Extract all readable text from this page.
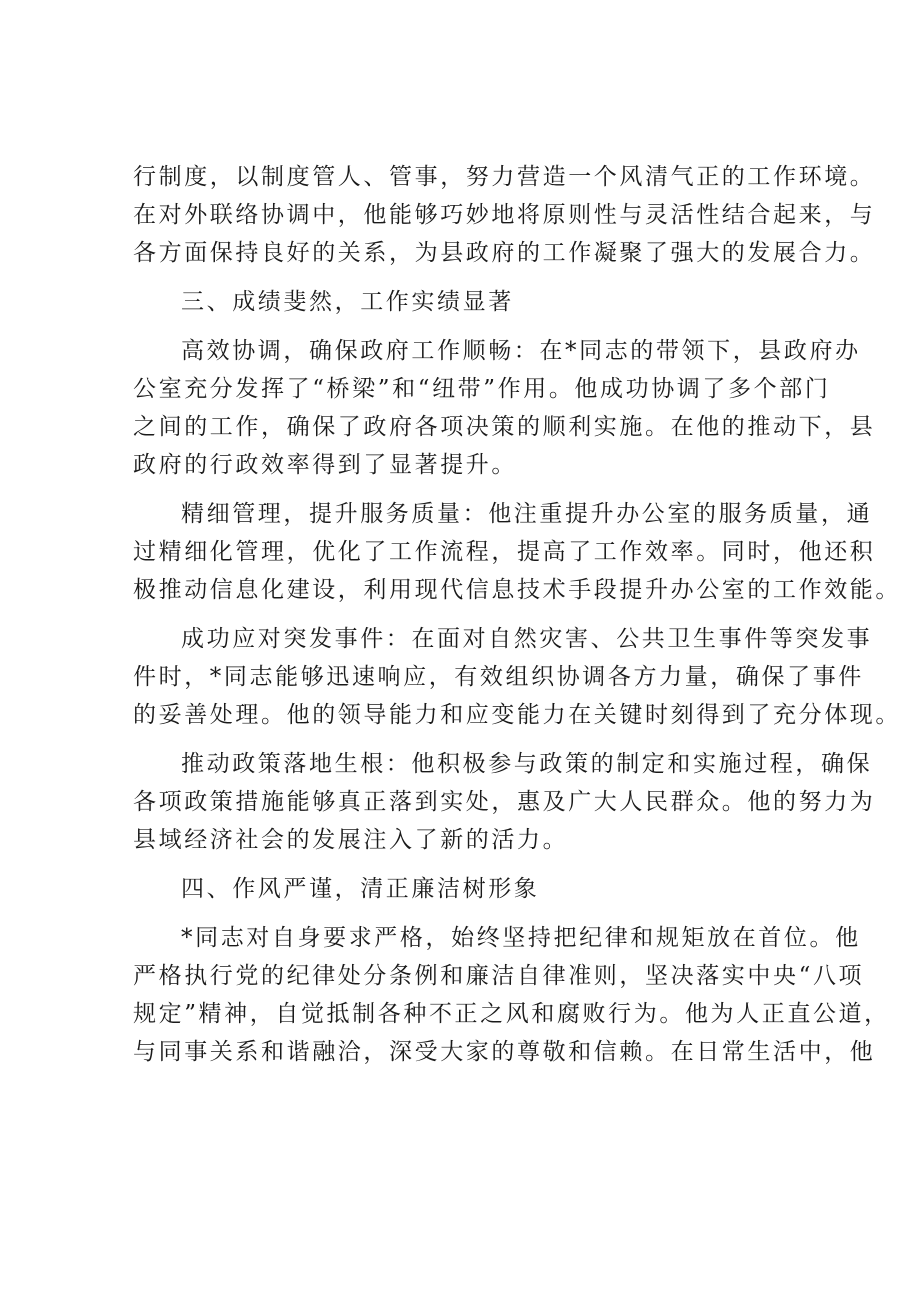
行制度，以制度管人、管事，努力营造一个风清气正的工作环境。
在对外联络协调中，他能够巧妙地将原则性与灵活性结合起来，与
各方面保持良好的关系，为县政府的工作凝聚了强大的发展合力。

三、成绩斐然，工作实绩显著

高效协调，确保政府工作顺畅：在*同志的带领下，县政府办
公室充分发挥了“桥梁”和“纽带”作用。他成功协调了多个部门
之间的工作，确保了政府各项决策的顺利实施。在他的推动下，县
政府的行政效率得到了显著提升。

精细管理，提升服务质量：他注重提升办公室的服务质量，通
过精细化管理，优化了工作流程，提高了工作效率。同时，他还积
极推动信息化建设，利用现代信息技术手段提升办公室的工作效能。

成功应对突发事件：在面对自然灾害、公共卫生事件等突发事
件时，*同志能够迅速响应，有效组织协调各方力量，确保了事件
的妥善处理。他的领导能力和应变能力在关键时刻得到了充分体现。

推动政策落地生根：他积极参与政策的制定和实施过程，确保
各项政策措施能够真正落到实处，惠及广大人民群众。他的努力为
县域经济社会的发展注入了新的活力。

四、作风严谨，清正廉洁树形象

*同志对自身要求严格，始终坚持把纪律和规矩放在首位。他
严格执行党的纪律处分条例和廉洁自律准则，坚决落实中央“八项
规定”精神，自觉抵制各种不正之风和腐败行为。他为人正直公道，
与同事关系和谐融洽，深受大家的尊敬和信赖。在日常生活中，他
